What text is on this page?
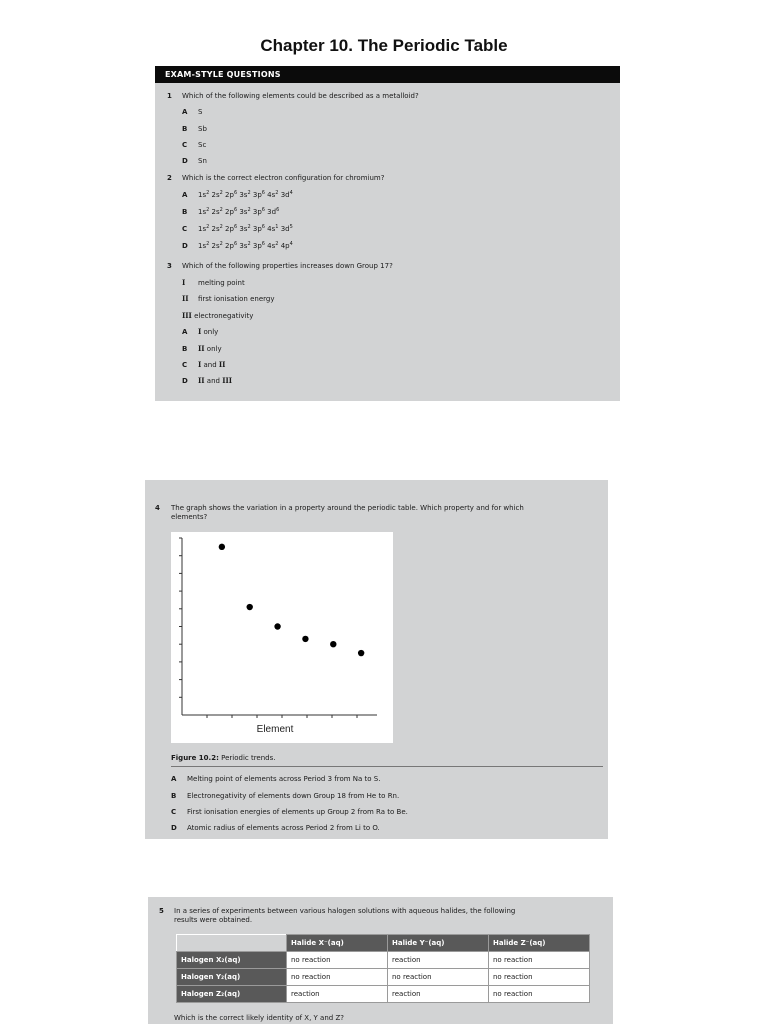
Chapter 10. The Periodic Table
EXAM-STYLE QUESTIONS
1 Which of the following elements could be described as a metalloid?
A S
B Sb
C Sc
D Sn
2 Which is the correct electron configuration for chromium?
A $1s^2$ $2s^2$ $2p^6$ $3s^2$ $3p^6$ $4s^2$ $3d^4$
B $1s^2$ $2s^2$ $2p^6$ $3s^2$ $3p^6$ $3d^6$
C $1s^2$ $2s^2$ $2p^6$ $3s^2$ $3p^6$ $4s^1$ $3d^5$
D $1s^2$ $2s^2$ $2p^6$ $3s^2$ $3p^6$ $4s^2$ $4p^4$
3 Which of the following properties increases down Group 17?
I melting point
II first ionisation energy
III electronegativity
A I only
B II only
C I and II
D II and III
4 The graph shows the variation in a property around the periodic table. Which property and for which
elements?
Element
Figure 10.2: Periodic trends.
A Melting point of elements across Period 3 from Na to S.
B Electronegativity of elements down Group 18 from He to Rn.
C First ionisation energies of elements up Group 2 from Ra to Be.
D Atomic radius of elements across Period 2 from Li to O.
5 In a series of experiments between various halogen solutions with aqueous halides, the following
results were obtained.
	Halide X⁻(aq)	Halide Y⁻(aq)	Halide Z⁻(aq)
Halogen X₂(aq)	no reaction	reaction	no reaction
Halogen Y₂(aq)	no reaction	no reaction	no reaction
Halogen Z₂(aq)	reaction	reaction	no reaction
Which is the correct likely identity of X, Y and Z?
